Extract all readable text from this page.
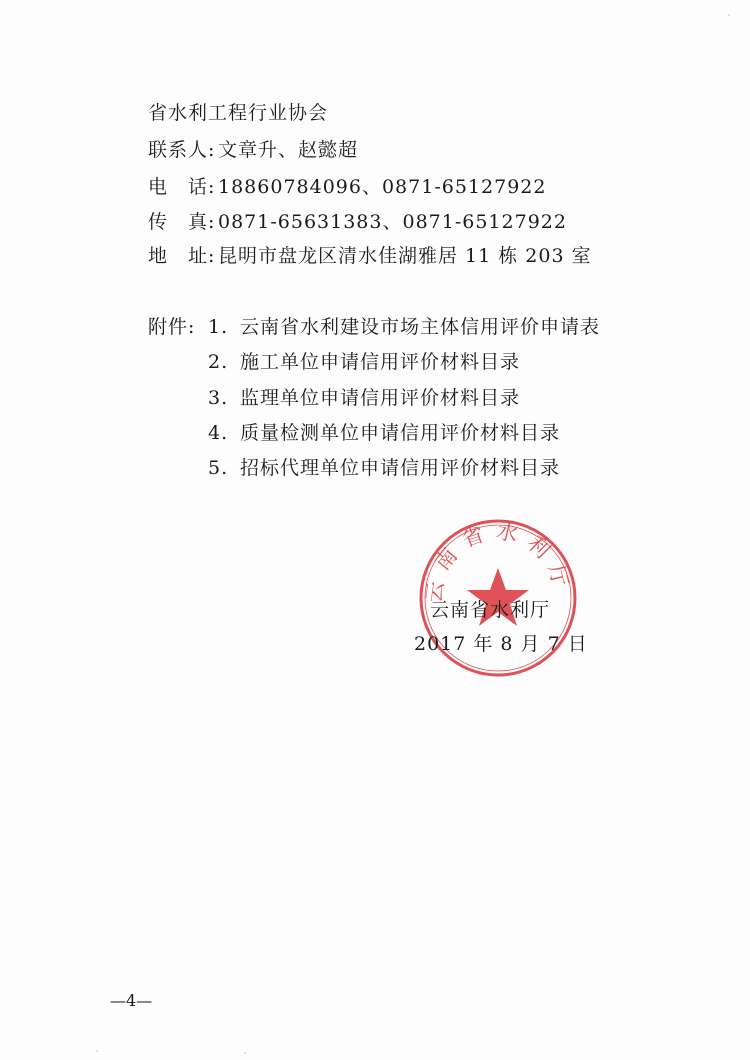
省水利工程行业协会
联系人: 文章升、赵懿超
电　话: 18860784096、0871-65127922
传　真: 0871-65631383、0871-65127922
地　址: 昆明市盘龙区清水佳湖雅居 11 栋 203 室
附件: 1. 云南省水利建设市场主体信用评价申请表
2. 施工单位申请信用评价材料目录
3. 监理单位申请信用评价材料目录
4. 质量检测单位申请信用评价材料目录
5. 招标代理单位申请信用评价材料目录
云南省水利厅
云南省水利厅
2017 年 8 月 7 日
—4—
